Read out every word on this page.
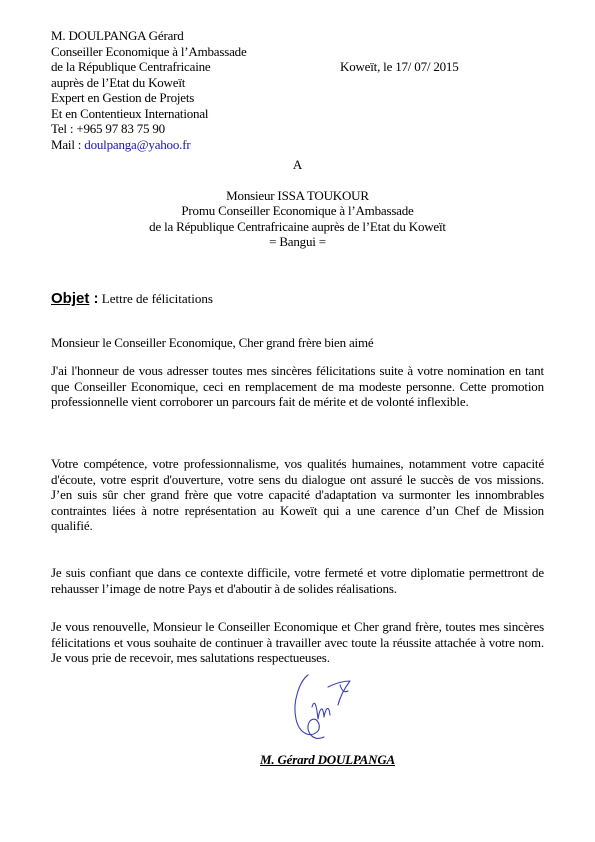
M. DOULPANGA Gérard
Conseiller Economique à l’Ambassade
de la République Centrafricaine
auprès de l’Etat du Koweït
Expert en Gestion de Projets
Et en Contentieux International
Tel : +965 97 83 75 90
Mail : doulpanga@yahoo.fr
Koweït, le 17/ 07/ 2015
A
Monsieur ISSA TOUKOUR
Promu Conseiller Economique à l’Ambassade
de la République Centrafricaine auprès de l’Etat du Koweït
= Bangui =
Objet : Lettre de félicitations
Monsieur le Conseiller Economique, Cher grand frère bien aimé

J'ai l'honneur de vous adresser toutes mes sincères félicitations suite à votre nomination en tant que Conseiller Economique, ceci en remplacement de ma modeste personne. Cette promotion professionnelle vient corroborer un parcours fait de mérite et de volonté inflexible.

Votre compétence, votre professionnalisme, vos qualités humaines, notamment votre capacité d'écoute, votre esprit d'ouverture, votre sens du dialogue ont assuré le succès de vos missions. J’en suis sûr cher grand frère que votre capacité d'adaptation va surmonter les innombrables contraintes liées à notre représentation au Koweït qui a une carence d’un Chef de Mission qualifié.

Je suis confiant que dans ce contexte difficile, votre fermeté et votre diplomatie permettront de rehausser l’image de notre Pays et d'aboutir à de solides réalisations.

Je vous renouvelle, Monsieur le Conseiller Economique et Cher grand frère, toutes mes sincères félicitations et vous souhaite de continuer à travailler avec toute la réussite attachée à votre nom. Je vous prie de recevoir, mes salutations respectueuses.

M. Gérard DOULPANGA
